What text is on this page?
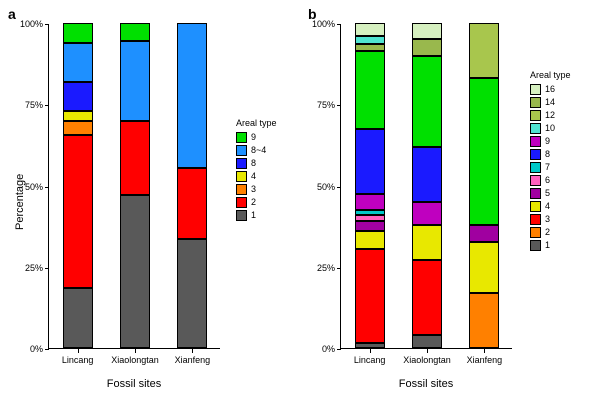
a
Percentage
0%
25%
50%
75%
100%
Lincang Xiaolongtan Xianfeng
Fossil sites
Areal type
9
8~4
8
4
3
2
1
b
0%
25%
50%
75%
100%
Lincang Xiaolongtan Xianfeng
Fossil sites
Areal type
16
14
12
10
9
8
7
6
5
4
3
2
1
